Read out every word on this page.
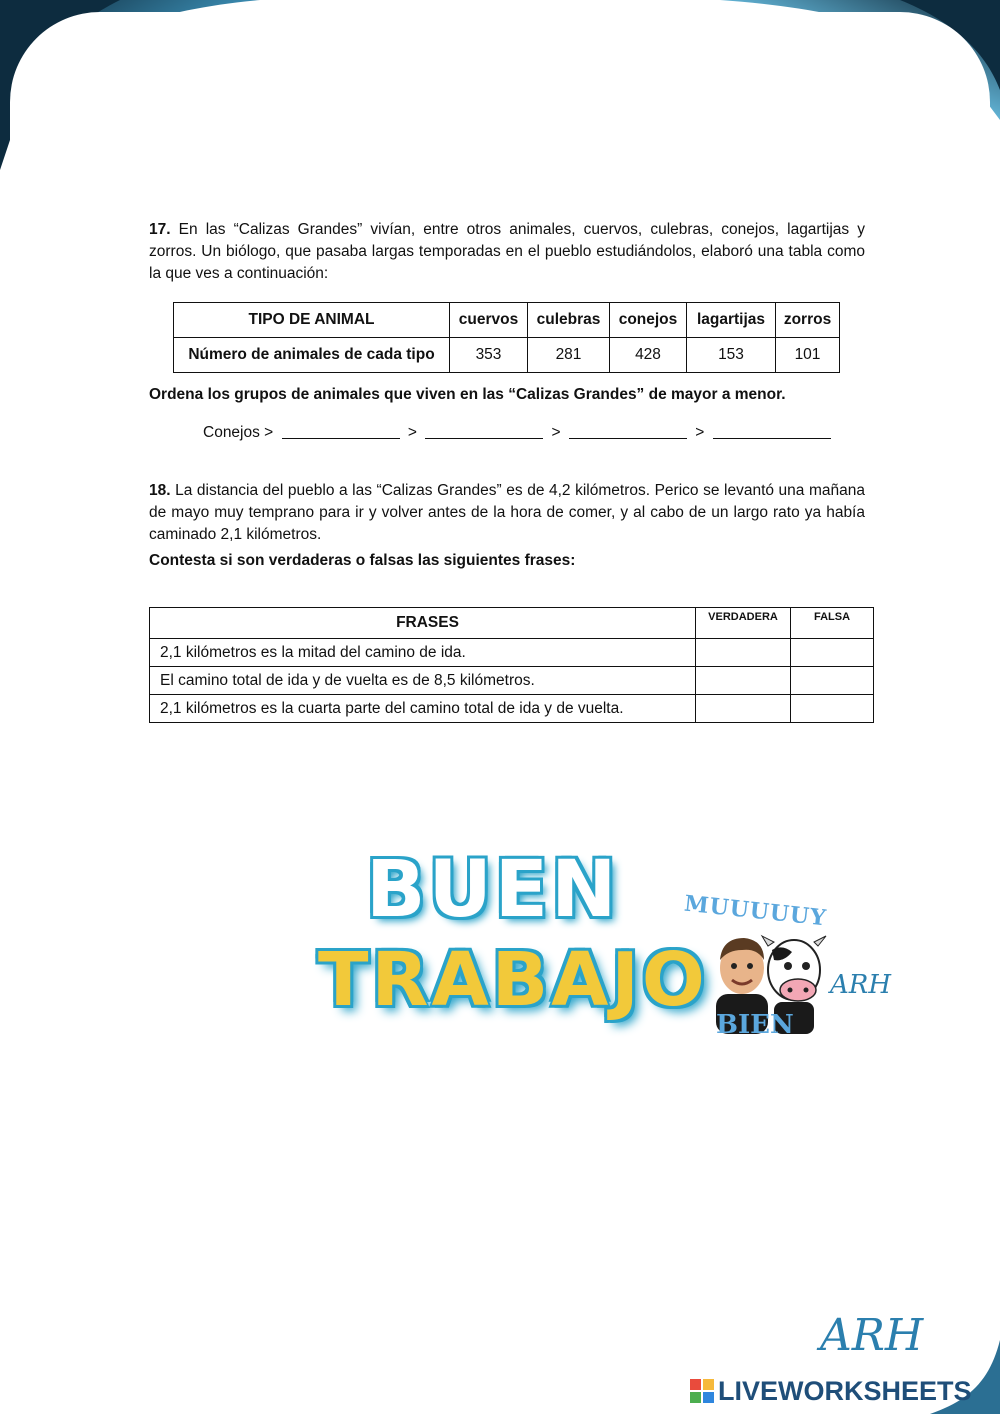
17. En las “Calizas Grandes” vivían, entre otros animales, cuervos, culebras, conejos, lagartijas y zorros. Un biólogo, que pasaba largas temporadas en el pueblo estudiándolos, elaboró una tabla como la que ves a continuación:
TIPO DE ANIMAL	cuervos	culebras	conejos	lagartijas	zorros
Número de animales de cada tipo	353	281	428	153	101
Ordena los grupos de animales que viven en las “Calizas Grandes” de mayor a menor.
Conejos >	>	>	>
18. La distancia del pueblo a las “Calizas Grandes” es de 4,2 kilómetros. Perico se levantó una mañana de mayo muy temprano para ir y volver antes de la hora de comer, y al cabo de un largo rato ya había caminado 2,1 kilómetros.
Contesta si son verdaderas o falsas las siguientes frases:
FRASES	VERDADERA	FALSA
2,1 kilómetros es la mitad del camino de ida.		
El camino total de ida y de vuelta es de 8,5 kilómetros.		
2,1 kilómetros es la cuarta parte del camino total de ida y de vuelta.		
BUEN
TRABAJO
MUUUUUY
BIEN
ARH
ARH
LIVEWORKSHEETS
